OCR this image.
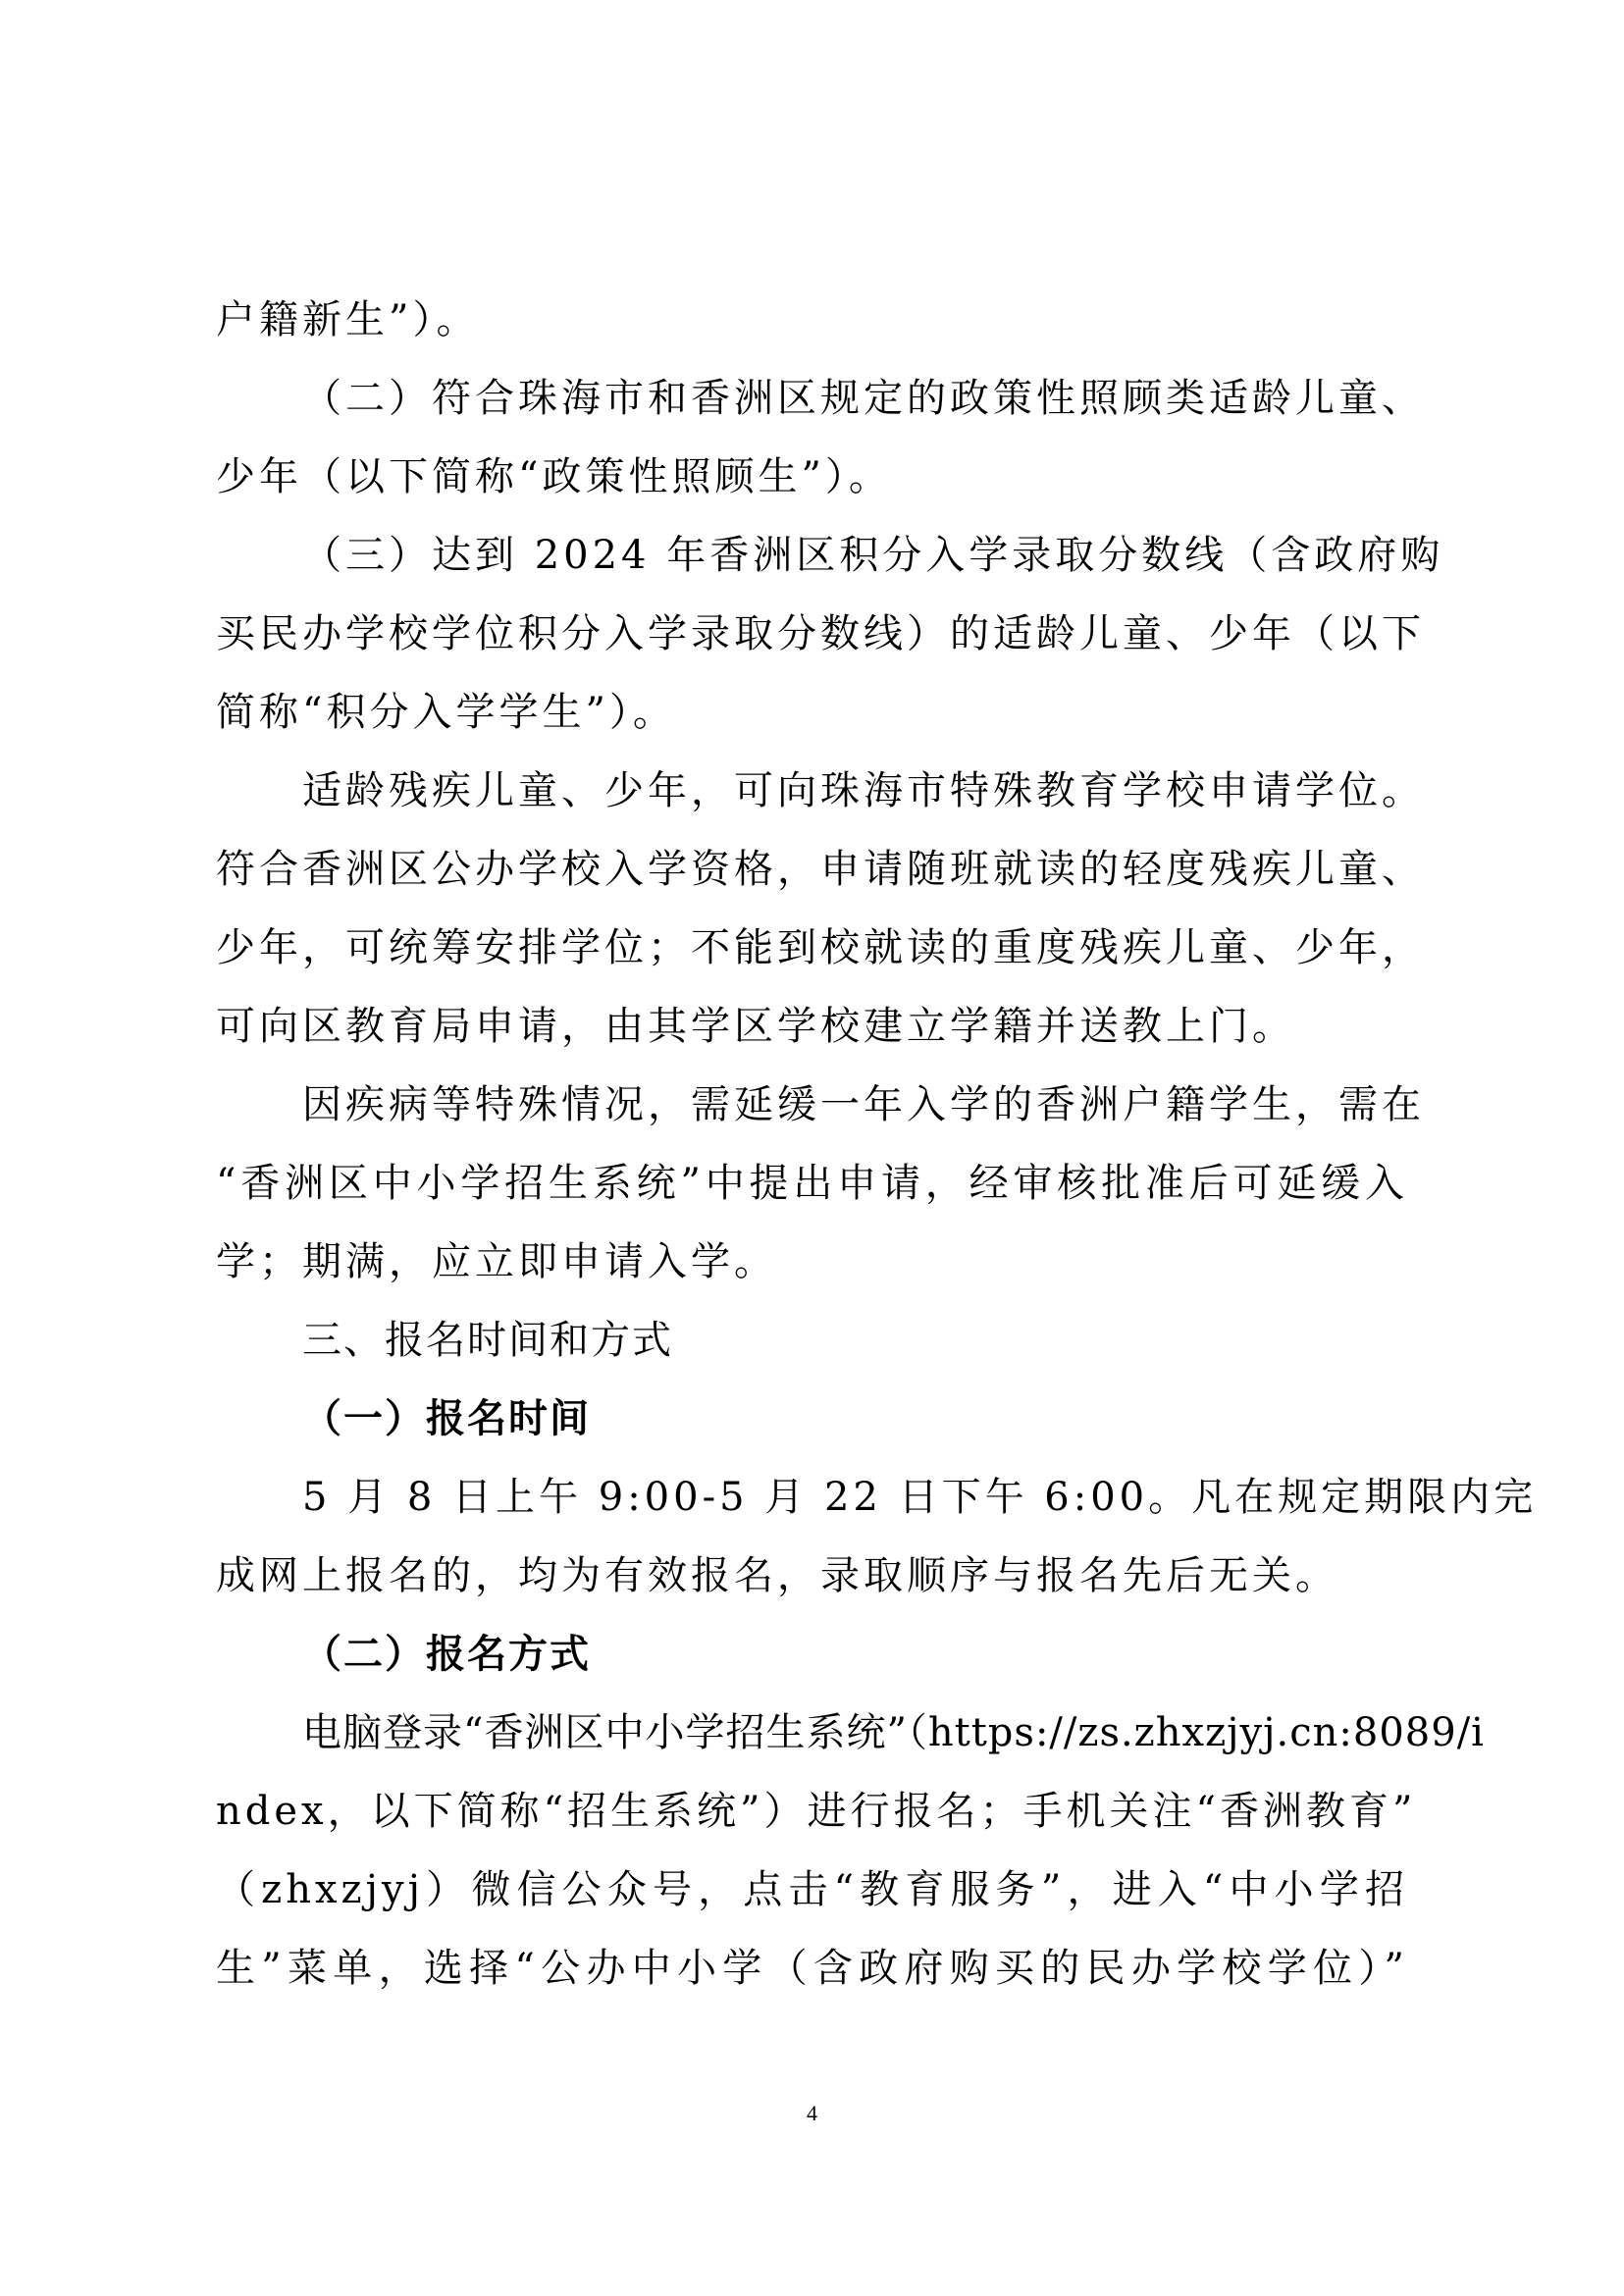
户籍新生”）。
（二）符合珠海市和香洲区规定的政策性照顾类适龄儿童、
少年（以下简称“政策性照顾生”）。
（三）达到 2024 年香洲区积分入学录取分数线（含政府购
买民办学校学位积分入学录取分数线）的适龄儿童、少年（以下
简称“积分入学学生”）。
适龄残疾儿童、少年，可向珠海市特殊教育学校申请学位。
符合香洲区公办学校入学资格，申请随班就读的轻度残疾儿童、
少年，可统筹安排学位；不能到校就读的重度残疾儿童、少年，
可向区教育局申请，由其学区学校建立学籍并送教上门。
因疾病等特殊情况，需延缓一年入学的香洲户籍学生，需在
“香洲区中小学招生系统”中提出申请，经审核批准后可延缓入
学；期满，应立即申请入学。
三、报名时间和方式
（一）报名时间
5 月 8 日上午 9:00-5 月 22 日下午 6:00。凡在规定期限内完
成网上报名的，均为有效报名，录取顺序与报名先后无关。
（二）报名方式
电脑登录“香洲区中小学招生系统”（https://zs.zhxzjyj.cn:8089/i
ndex，以下简称“招生系统”）进行报名；手机关注“香洲教育”
（zhxzjyj）微信公众号，点击“教育服务”，进入“中小学招
生”菜单，选择“公办中小学（含政府购买的民办学校学位）”
4
